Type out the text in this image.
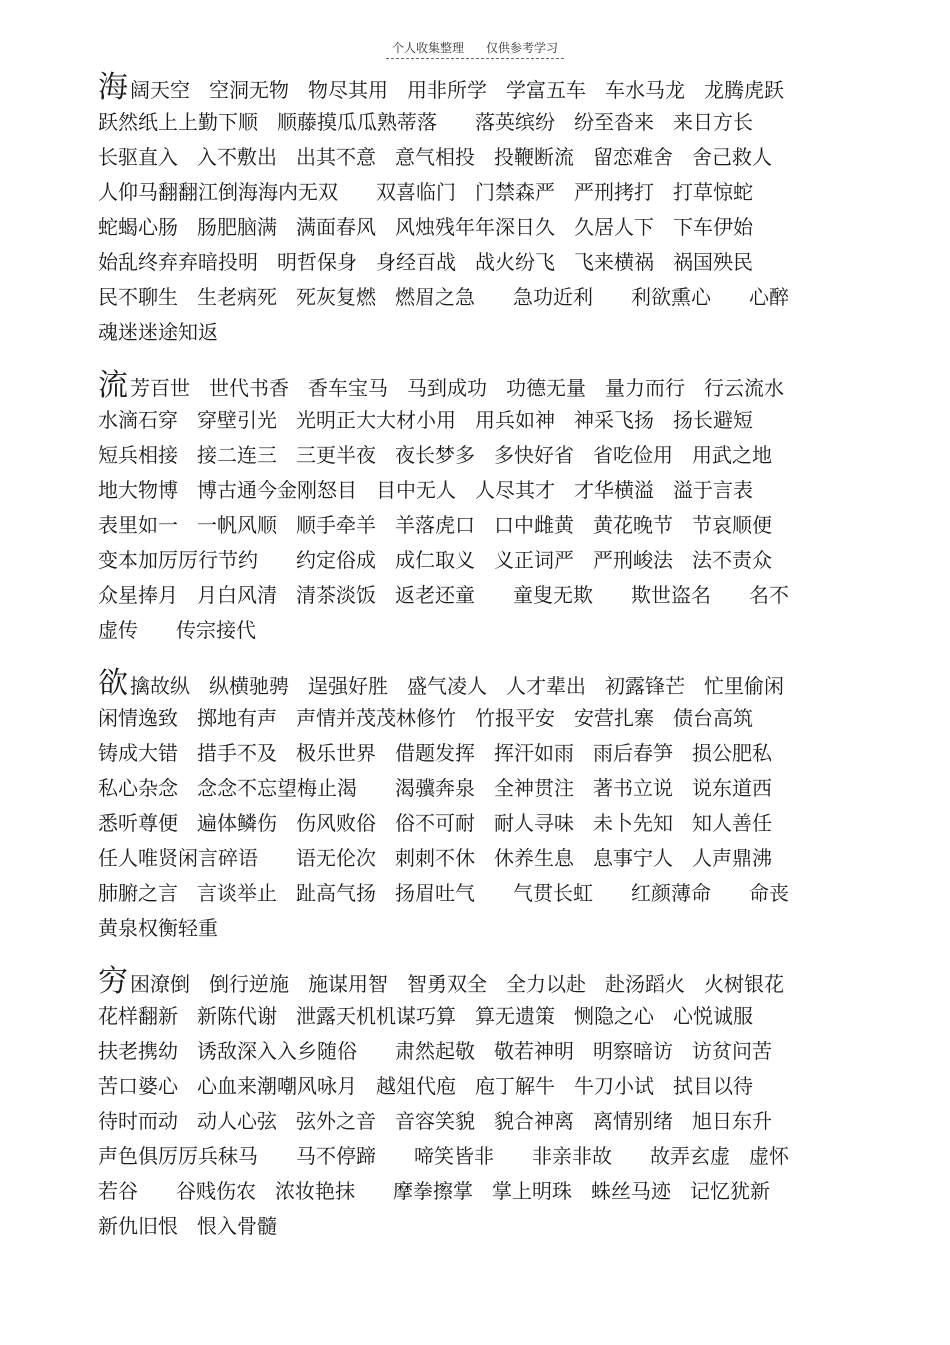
个人收集整理 仅供参考学习
海 阔天空 空洞无物 物尽其用 用非所学 学富五车 车水马龙 龙腾虎跃
跃然纸上上勤下顺 顺藤摸瓜瓜熟蒂落 落英缤纷 纷至沓来 来日方长
长驱直入 入不敷出 出其不意 意气相投 投鞭断流 留恋难舍 舍己救人
人仰马翻翻江倒海海内无双 双喜临门 门禁森严 严刑拷打 打草惊蛇
蛇蝎心肠 肠肥脑满 满面春风 风烛残年年深日久 久居人下 下车伊始
始乱终弃弃暗投明 明哲保身 身经百战 战火纷飞 飞来横祸 祸国殃民
民不聊生 生老病死 死灰复燃 燃眉之急 急功近利 利欲熏心 心醉
魂迷迷途知返
流 芳百世 世代书香 香车宝马 马到成功 功德无量 量力而行 行云流水
水滴石穿 穿壁引光 光明正大大材小用 用兵如神 神采飞扬 扬长避短
短兵相接 接二连三 三更半夜 夜长梦多 多快好省 省吃俭用 用武之地
地大物博 博古通今金刚怒目 目中无人 人尽其才 才华横溢 溢于言表
表里如一 一帆风顺 顺手牵羊 羊落虎口 口中雌黄 黄花晚节 节哀顺便
变本加厉厉行节约 约定俗成 成仁取义 义正词严 严刑峻法 法不责众
众星捧月 月白风清 清茶淡饭 返老还童 童叟无欺 欺世盗名 名不
虚传 传宗接代
欲 擒故纵 纵横驰骋 逞强好胜 盛气凌人 人才辈出 初露锋芒 忙里偷闲
闲情逸致 掷地有声 声情并茂茂林修竹 竹报平安 安营扎寨 债台高筑
铸成大错 措手不及 极乐世界 借题发挥 挥汗如雨 雨后春笋 损公肥私
私心杂念 念念不忘望梅止渴 渴骥奔泉 全神贯注 著书立说 说东道西
悉听尊便 遍体鳞伤 伤风败俗 俗不可耐 耐人寻味 未卜先知 知人善任
任人唯贤闲言碎语 语无伦次 刺刺不休 休养生息 息事宁人 人声鼎沸
肺腑之言 言谈举止 趾高气扬 扬眉吐气 气贯长虹 红颜薄命 命丧
黄泉权衡轻重
穷 困潦倒 倒行逆施 施谋用智 智勇双全 全力以赴 赴汤蹈火 火树银花
花样翻新 新陈代谢 泄露天机机谋巧算 算无遗策 恻隐之心 心悦诚服
扶老携幼 诱敌深入入乡随俗 肃然起敬 敬若神明 明察暗访 访贫问苦
苦口婆心 心血来潮嘲风咏月 越俎代庖 庖丁解牛 牛刀小试 拭目以待
待时而动 动人心弦 弦外之音 音容笑貌 貌合神离 离情别绪 旭日东升
声色俱厉厉兵秣马 马不停蹄 啼笑皆非 非亲非故 故弄玄虚 虚怀
若谷 谷贱伤农 浓妆艳抹 摩拳擦掌 掌上明珠 蛛丝马迹 记忆犹新
新仇旧恨 恨入骨髓
